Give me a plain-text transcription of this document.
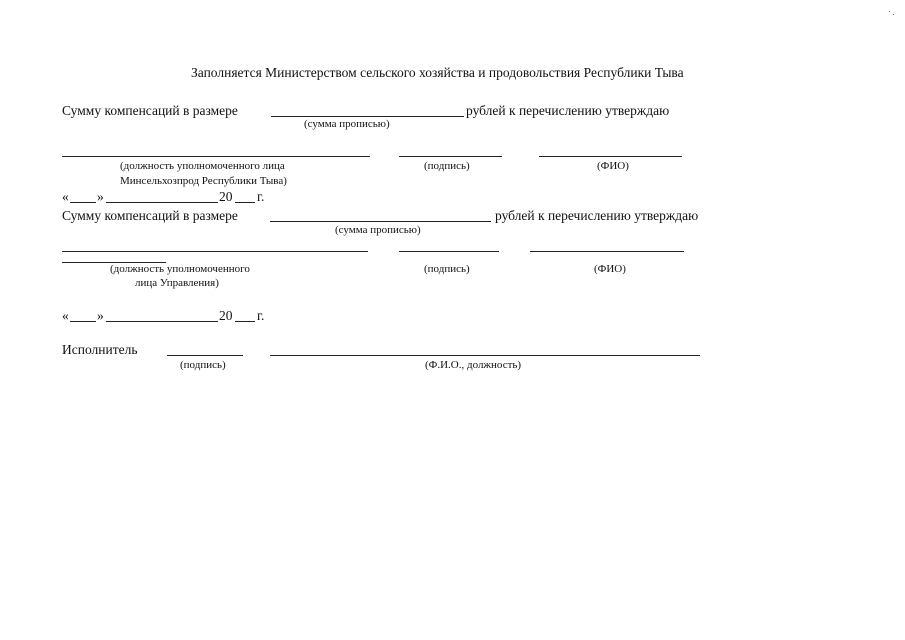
Заполняется Министерством сельского хозяйства и продовольствия Республики Тыва
Сумму компенсаций в размере	рублей к перечислению утверждаю
(сумма прописью)
(должность уполномоченного лица	(подпись)	(ФИО)
Минсельхозпрод Республики Тыва)
« »	20 г.
Сумму компенсаций в размере	рублей к перечислению утверждаю
(сумма прописью)
(должность уполномоченного	(подпись)	(ФИО)
лица Управления)
« »	20 г.
Исполнитель
(подпись)	(Ф.И.О., должность)
